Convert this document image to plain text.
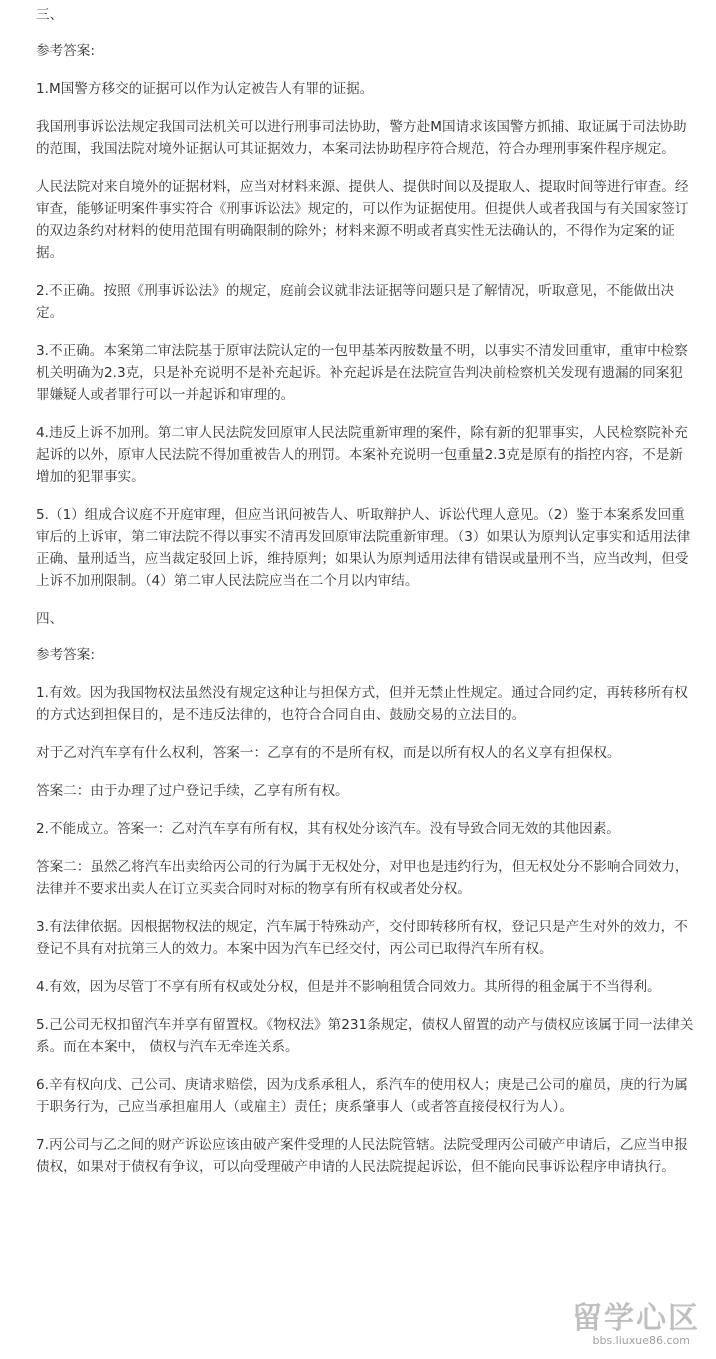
三、

参考答案:

1.M国警方移交的证据可以作为认定被告人有罪的证据。

我国刑事诉讼法规定我国司法机关可以进行刑事司法协助，警方赴M国请求该国警方抓捕、取证属于司法协助的范围，我国法院对境外证据认可其证据效力，本案司法协助程序符合规范，符合办理刑事案件程序规定。

人民法院对来自境外的证据材料，应当对材料来源、提供人、提供时间以及提取人、提取时间等进行审查。经审查，能够证明案件事实符合《刑事诉讼法》规定的，可以作为证据使用。但提供人或者我国与有关国家签订的双边条约对材料的使用范围有明确限制的除外；材料来源不明或者真实性无法确认的，不得作为定案的证据。

2.不正确。按照《刑事诉讼法》的规定，庭前会议就非法证据等问题只是了解情况，听取意见，不能做出决定。

3.不正确。本案第二审法院基于原审法院认定的一包甲基苯丙胺数量不明，以事实不清发回重审，重审中检察机关明确为2.3克，只是补充说明不是补充起诉。补充起诉是在法院宣告判决前检察机关发现有遗漏的同案犯罪嫌疑人或者罪行可以一并起诉和审理的。

4.违反上诉不加刑。第二审人民法院发回原审人民法院重新审理的案件，除有新的犯罪事实，人民检察院补充起诉的以外，原审人民法院不得加重被告人的刑罚。本案补充说明一包重量2.3克是原有的指控内容，不是新增加的犯罪事实。

5.（1）组成合议庭不开庭审理，但应当讯问被告人、听取辩护人、诉讼代理人意见。（2）鉴于本案系发回重审后的上诉审，第二审法院不得以事实不清再发回原审法院重新审理。（3）如果认为原判认定事实和适用法律正确、量刑适当，应当裁定驳回上诉，维持原判；如果认为原判适用法律有错误或量刑不当，应当改判，但受上诉不加刑限制。（4）第二审人民法院应当在二个月以内审结。

四、

参考答案:

1.有效。因为我国物权法虽然没有规定这种让与担保方式，但并无禁止性规定。通过合同约定，再转移所有权的方式达到担保目的，是不违反法律的，也符合合同自由、鼓励交易的立法目的。

对于乙对汽车享有什么权利，答案一：乙享有的不是所有权，而是以所有权人的名义享有担保权。

答案二：由于办理了过户登记手续，乙享有所有权。

2.不能成立。答案一：乙对汽车享有所有权，其有权处分该汽车。没有导致合同无效的其他因素。

答案二：虽然乙将汽车出卖给丙公司的行为属于无权处分，对甲也是违约行为，但无权处分不影响合同效力，法律并不要求出卖人在订立买卖合同时对标的物享有所有权或者处分权。

3.有法律依据。因根据物权法的规定，汽车属于特殊动产，交付即转移所有权，登记只是产生对外的效力，不登记不具有对抗第三人的效力。本案中因为汽车已经交付，丙公司已取得汽车所有权。

4.有效，因为尽管丁不享有所有权或处分权，但是并不影响租赁合同效力。其所得的租金属于不当得利。

5.己公司无权扣留汽车并享有留置权。《物权法》第231条规定，债权人留置的动产与债权应该属于同一法律关系。而在本案中， 债权与汽车无牵连关系。

6.辛有权向戊、己公司、庚请求赔偿，因为戊系承租人，系汽车的使用权人；庚是己公司的雇员，庚的行为属于职务行为，己应当承担雇用人（或雇主）责任；庚系肇事人（或者答直接侵权行为人）。

7.丙公司与乙之间的财产诉讼应该由破产案件受理的人民法院管辖。法院受理丙公司破产申请后，乙应当申报债权，如果对于债权有争议，可以向受理破产申请的人民法院提起诉讼，但不能向民事诉讼程序申请执行。

留学心区
bbs.liuxue86.com
